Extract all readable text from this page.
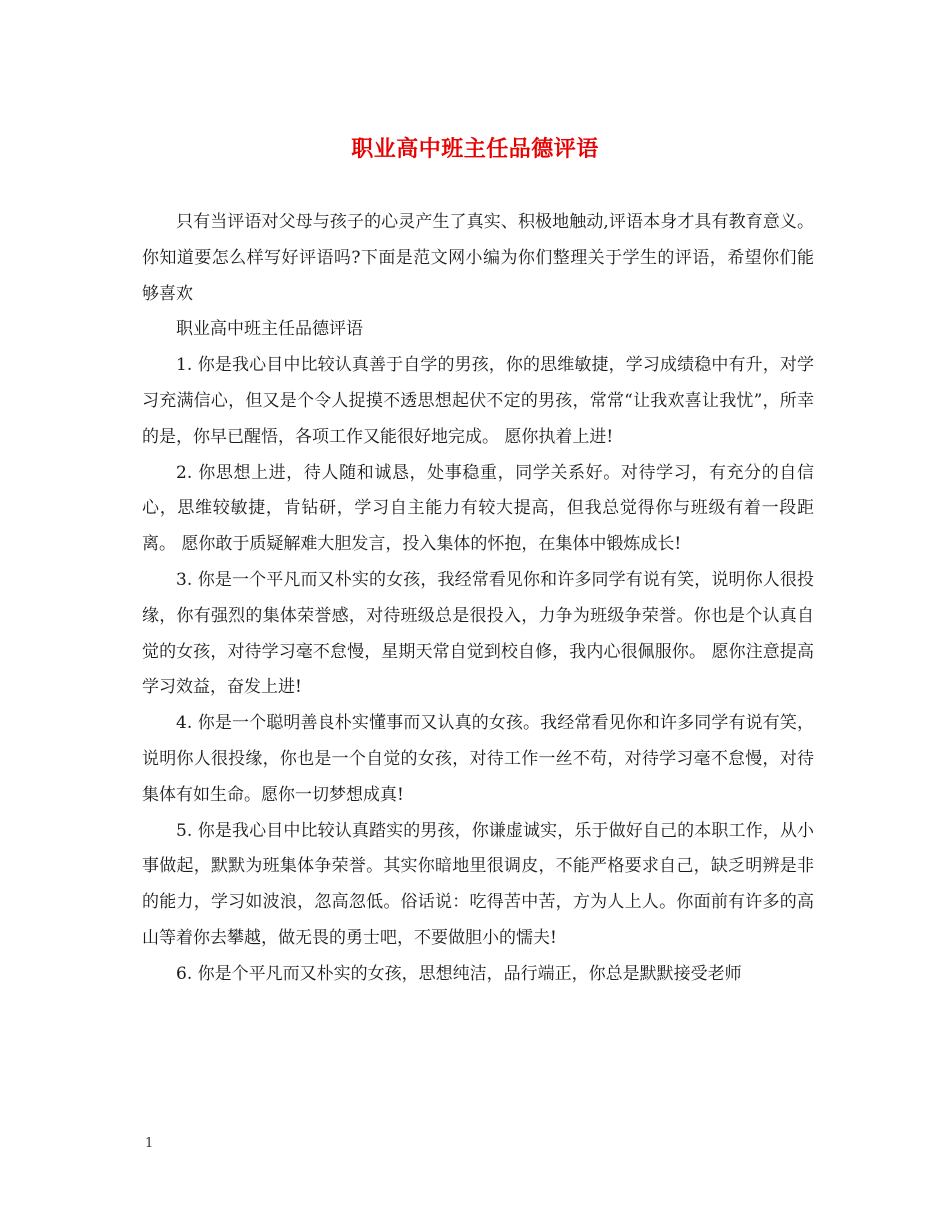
职业高中班主任品德评语

只有当评语对父母与孩子的心灵产生了真实、积极地触动,评语本身才具有教育意义。你知道要怎么样写好评语吗?下面是范文网小编为你们整理关于学生的评语，希望你们能够喜欢

职业高中班主任品德评语

1. 你是我心目中比较认真善于自学的男孩，你的思维敏捷，学习成绩稳中有升，对学习充满信心，但又是个令人捉摸不透思想起伏不定的男孩，常常“让我欢喜让我忧”，所幸的是，你早已醒悟，各项工作又能很好地完成。 愿你执着上进!

2. 你思想上进，待人随和诚恳，处事稳重，同学关系好。对待学习，有充分的自信心，思维较敏捷，肯钻研，学习自主能力有较大提高，但我总觉得你与班级有着一段距离。 愿你敢于质疑解难大胆发言，投入集体的怀抱，在集体中锻炼成长!

3. 你是一个平凡而又朴实的女孩，我经常看见你和许多同学有说有笑，说明你人很投缘，你有强烈的集体荣誉感，对待班级总是很投入，力争为班级争荣誉。你也是个认真自觉的女孩，对待学习毫不怠慢，星期天常自觉到校自修，我内心很佩服你。 愿你注意提高学习效益，奋发上进!

4. 你是一个聪明善良朴实懂事而又认真的女孩。我经常看见你和许多同学有说有笑，说明你人很投缘，你也是一个自觉的女孩，对待工作一丝不苟，对待学习毫不怠慢，对待集体有如生命。愿你一切梦想成真!

5. 你是我心目中比较认真踏实的男孩，你谦虚诚实，乐于做好自己的本职工作，从小事做起，默默为班集体争荣誉。其实你暗地里很调皮，不能严格要求自己，缺乏明辨是非的能力，学习如波浪，忽高忽低。俗话说：吃得苦中苦，方为人上人。你面前有许多的高山等着你去攀越，做无畏的勇士吧，不要做胆小的懦夫!

6. 你是个平凡而又朴实的女孩，思想纯洁，品行端正，你总是默默接受老师

1
